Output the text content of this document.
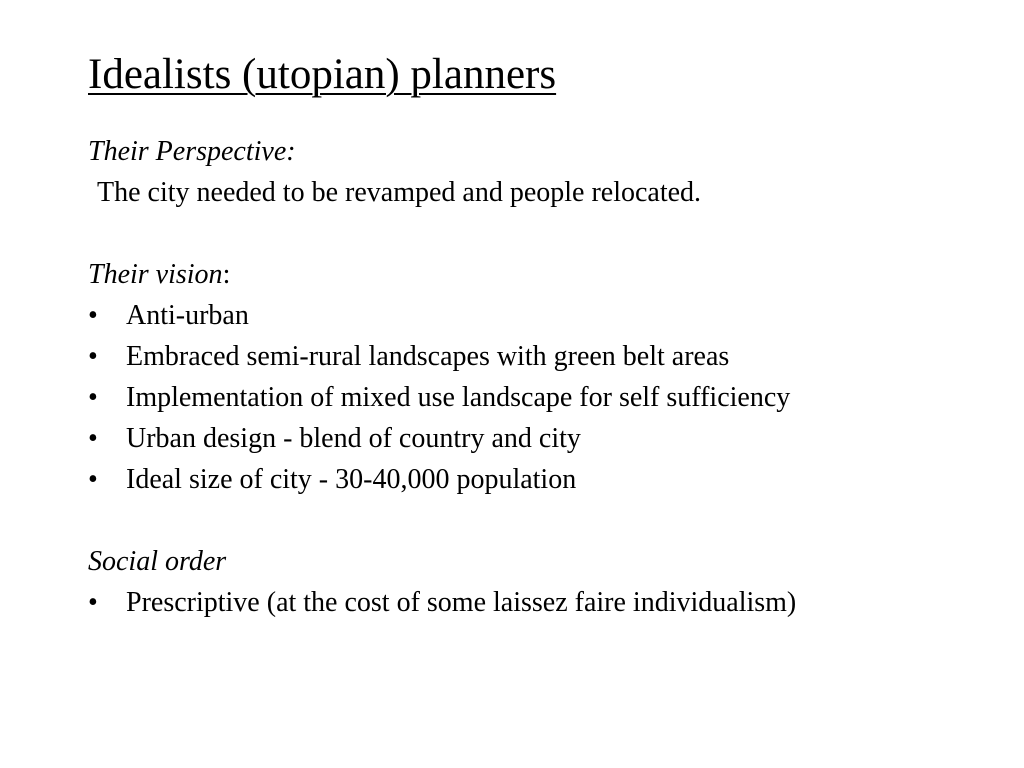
Idealists (utopian) planners
Their Perspective:
The city needed to be revamped and people relocated.
Their vision:
• Anti-urban
• Embraced semi-rural landscapes with green belt areas
• Implementation of mixed use landscape for self sufficiency
• Urban design - blend of country and city
• Ideal size of city - 30-40,000 population
Social order
• Prescriptive (at the cost of some laissez faire individualism)
